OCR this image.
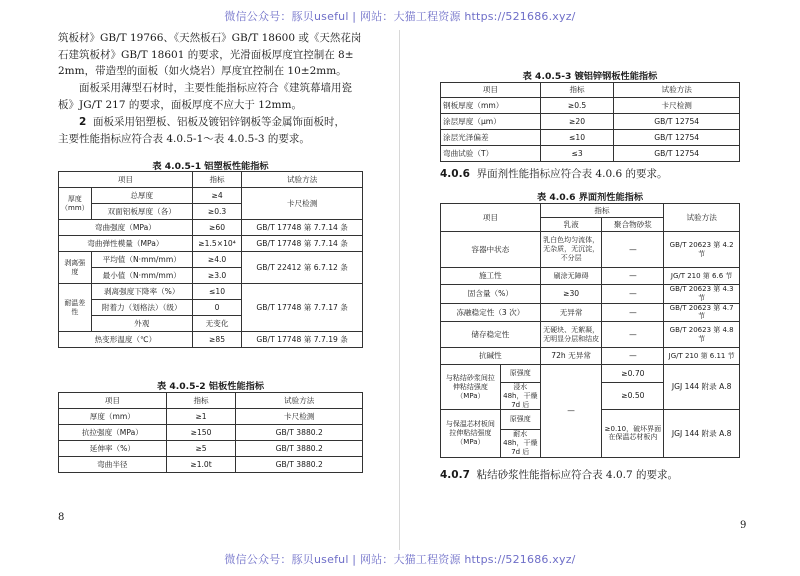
微信公众号：豚贝useful | 网站：大猫工程资源 https://521686.xyz/
筑板材》GB/T 19766、《天然板石》GB/T 18600 或《天然花岗
石建筑板材》GB/T 18601 的要求，光滑面板厚度宜控制在 8±
2mm，带造型的面板（如火烧岩）厚度宜控制在 10±2mm。
面板采用薄型石材时，主要性能指标应符合《建筑幕墙用瓷
板》JG/T 217 的要求，面板厚度不应大于 12mm。
2 面板采用铝塑板、铝板及镀铝锌钢板等金属饰面板时，
主要性能指标应符合表 4.0.5-1～表 4.0.5-3 的要求。
表 4.0.5-1 铝塑板性能指标
项目		指标	试验方法
厚度（mm）	总厚度	≥4	卡尺检测
	双面铝板厚度（各）	≥0.3	
弯曲强度（MPa）		≥60	GB/T 17748 第 7.7.14 条
弯曲弹性模量（MPa）		≥1.5×10⁴	GB/T 17748 第 7.7.14 条
剥离强度	平均值（N·mm/mm）	≥4.0	GB/T 22412 第 6.7.12 条
	最小值（N·mm/mm）	≥3.0	
耐温差性	剥离强度下降率（%）	≤10	GB/T 17748 第 7.7.17 条
	附着力（划格法）（级）	0	
	外观	无变化	
热变形温度（℃）		≥85	GB/T 17748 第 7.7.19 条
表 4.0.5-2 铝板性能指标
项目	指标	试验方法
厚度（mm）	≥1	卡尺检测
抗拉强度（MPa）	≥150	GB/T 3880.2
延伸率（%）	≥5	GB/T 3880.2
弯曲半径	≥1.0t	GB/T 3880.2
8
表 4.0.5-3 镀铝锌钢板性能指标
项目	指标	试验方法
钢板厚度（mm）	≥0.5	卡尺检测
涂层厚度（μm）	≥20	GB/T 12754
涂层光泽偏差	≤10	GB/T 12754
弯曲试验（T）	≤3	GB/T 12754
4.0.6 界面剂性能指标应符合表 4.0.6 的要求。
表 4.0.6 界面剂性能指标
项目		指标		试验方法
		乳液	聚合物砂浆	
容器中状态		乳白色均匀流体，无杂质，无沉淀，不分层	—	GB/T 20623 第 4.2 节
施工性		刷涂无障碍	—	JG/T 210 第 6.6 节
固含量（%）		≥30	—	GB/T 20623 第 4.3 节
冻融稳定性（3 次）		无异常	—	GB/T 20623 第 4.7 节
储存稳定性		无硬块、无絮凝，无明显分层和结皮	—	GB/T 20623 第 4.8 节
抗碱性		72h 无异常	—	JG/T 210 第 6.11 节
与粘结砂浆间拉伸粘结强度（MPa）	原强度	—	≥0.70	JGJ 144 附录 A.8
	浸水 48h，干燥 7d 后		≥0.50	
与保温芯材板间拉伸粘结强度（MPa）	原强度		≥0.10，破坏界面在保温芯材板内	JGJ 144 附录 A.8
	耐水 48h，干燥 7d 后			
4.0.7 粘结砂浆性能指标应符合表 4.0.7 的要求。
9
微信公众号：豚贝useful | 网站：大猫工程资源 https://521686.xyz/
